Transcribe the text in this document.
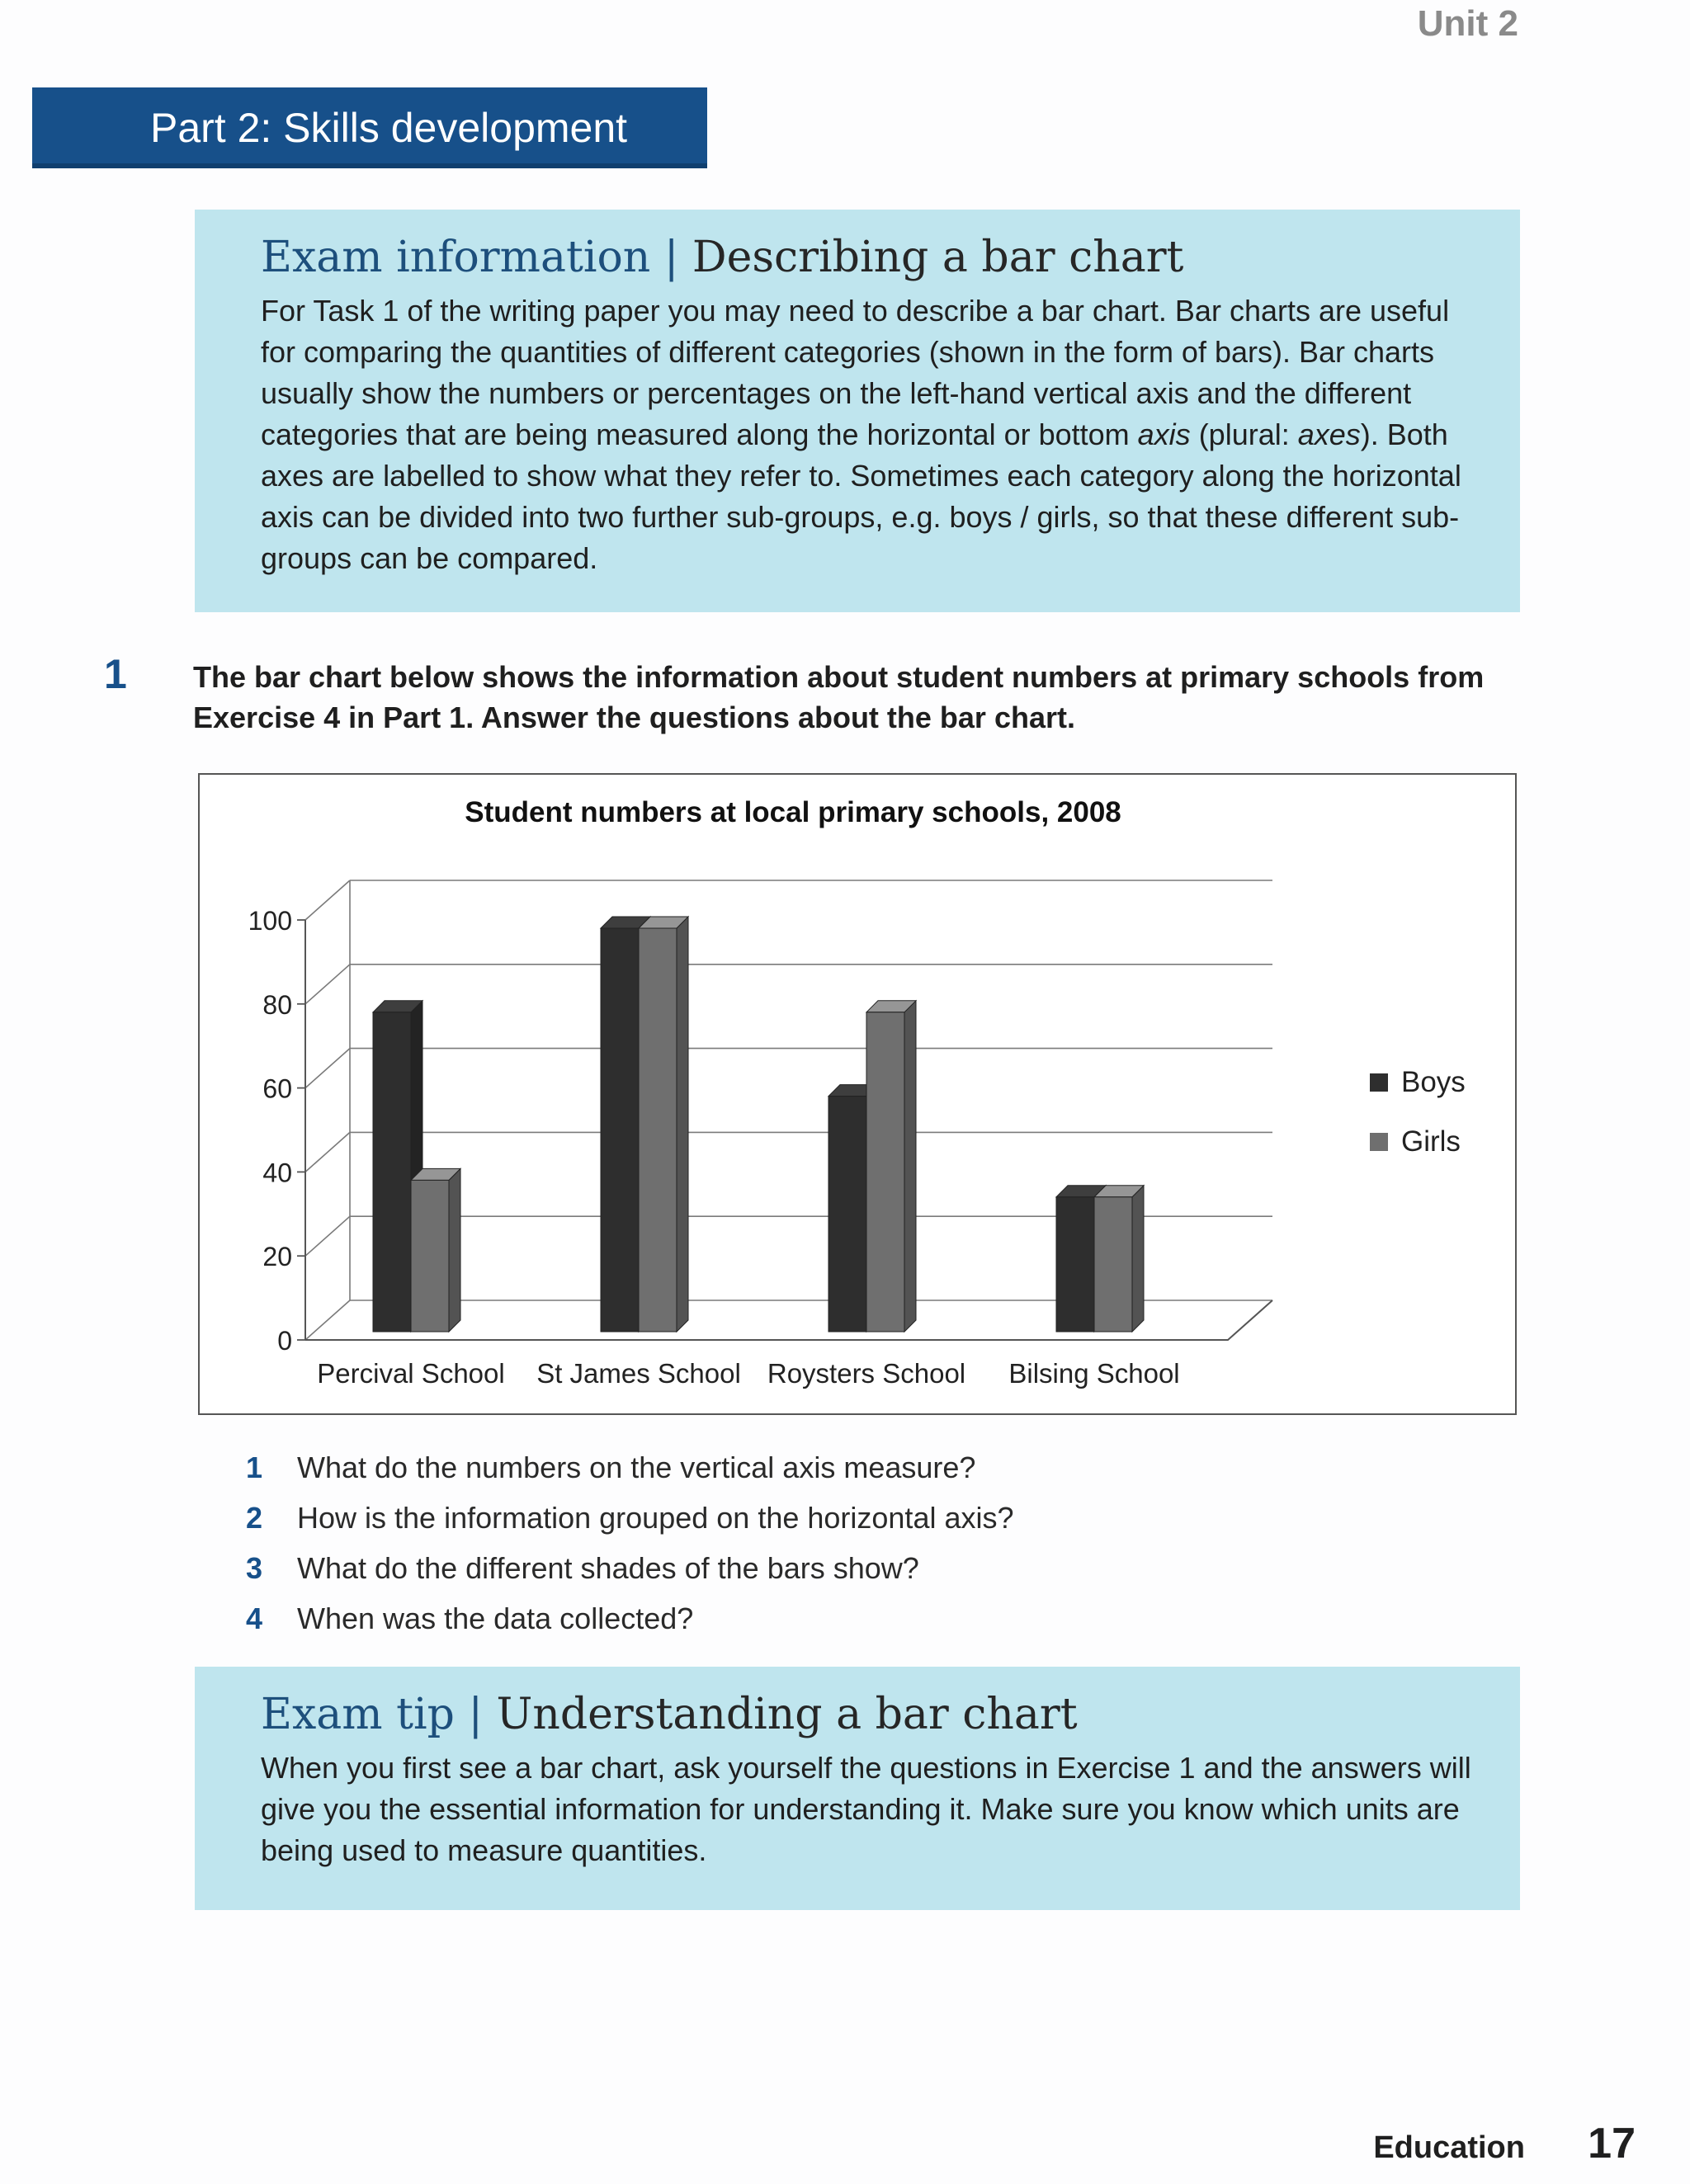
Unit 2
Part 2: Skills development
Exam information | Describing a bar chart

For Task 1 of the writing paper you may need to describe a bar chart. Bar charts are useful for comparing the quantities of different categories (shown in the form of bars). Bar charts usually show the numbers or percentages on the left-hand vertical axis and the different categories that are being measured along the horizontal or bottom axis (plural: axes). Both axes are labelled to show what they refer to. Sometimes each category along the horizontal axis can be divided into two further sub-groups, e.g. boys / girls, so that these different sub-groups can be compared.

1 The bar chart below shows the information about student numbers at primary schools from Exercise 4 in Part 1. Answer the questions about the bar chart.

Student numbers at local primary schools, 2008
0
20
40
60
80
100
Percival School St James School Roysters School Bilsing School
Boys
Girls
1 What do the numbers on the vertical axis measure?
2 How is the information grouped on the horizontal axis?
3 What do the different shades of the bars show?
4 When was the data collected?
Exam tip | Understanding a bar chart

When you first see a bar chart, ask yourself the questions in Exercise 1 and the answers will give you the essential information for understanding it. Make sure you know which units are being used to measure quantities.

Education 17
